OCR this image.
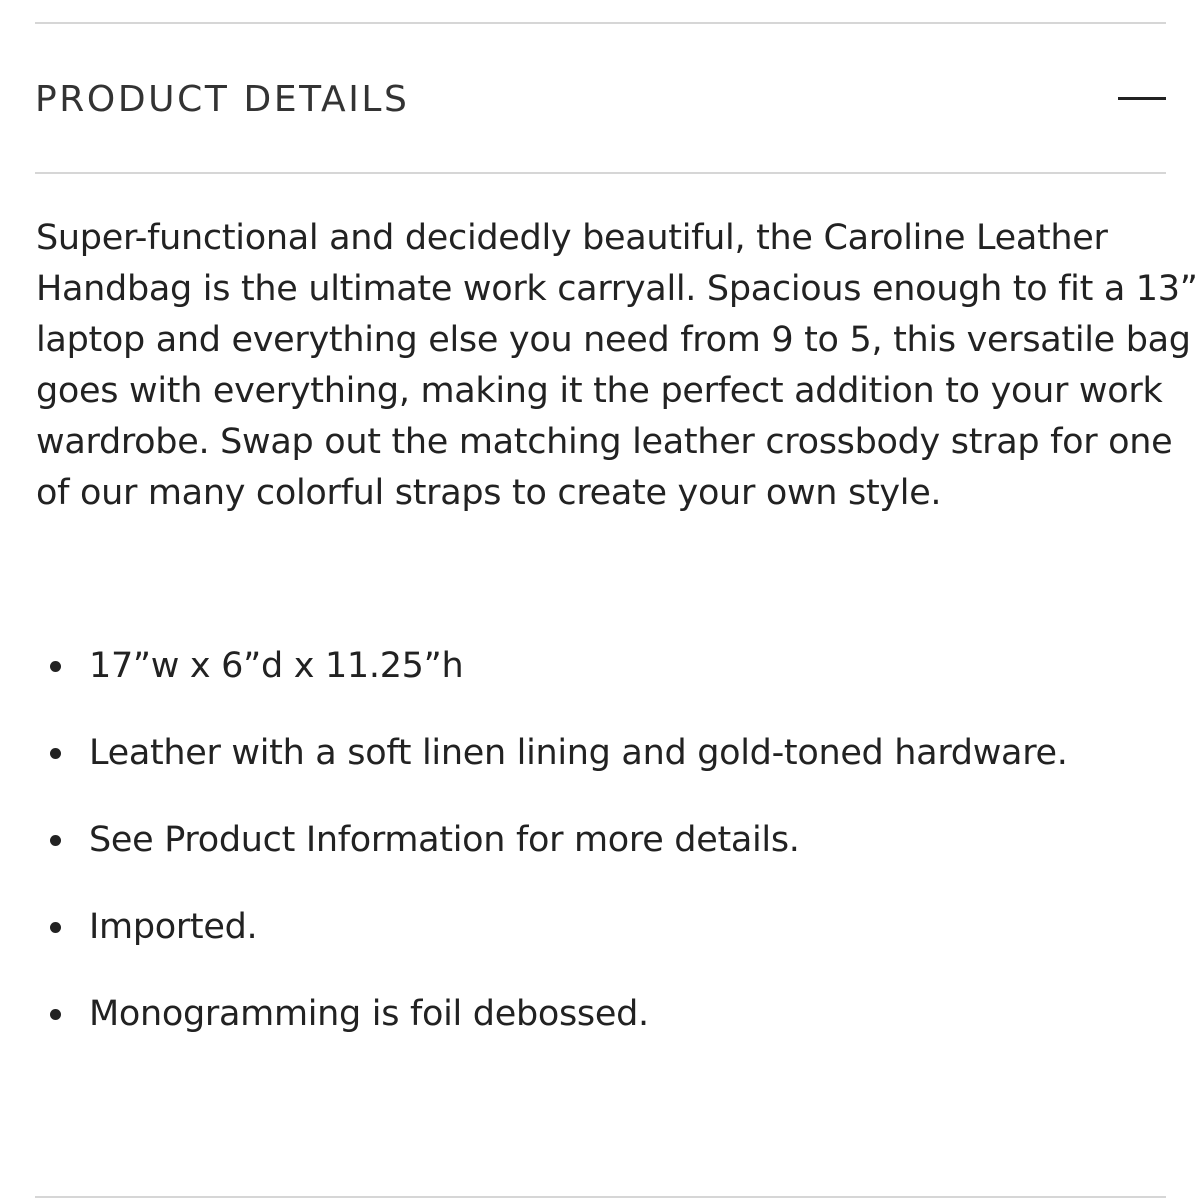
PRODUCT DETAILS

Super-functional and decidedly beautiful, the Caroline Leather
Handbag is the ultimate work carryall. Spacious enough to fit a 13”
laptop and everything else you need from 9 to 5, this versatile bag
goes with everything, making it the perfect addition to your work
wardrobe. Swap out the matching leather crossbody strap for one
of our many colorful straps to create your own style.

17”w x 6”d x 11.25”h
Leather with a soft linen lining and gold-toned hardware.
See Product Information for more details.
Imported.
Monogramming is foil debossed.
